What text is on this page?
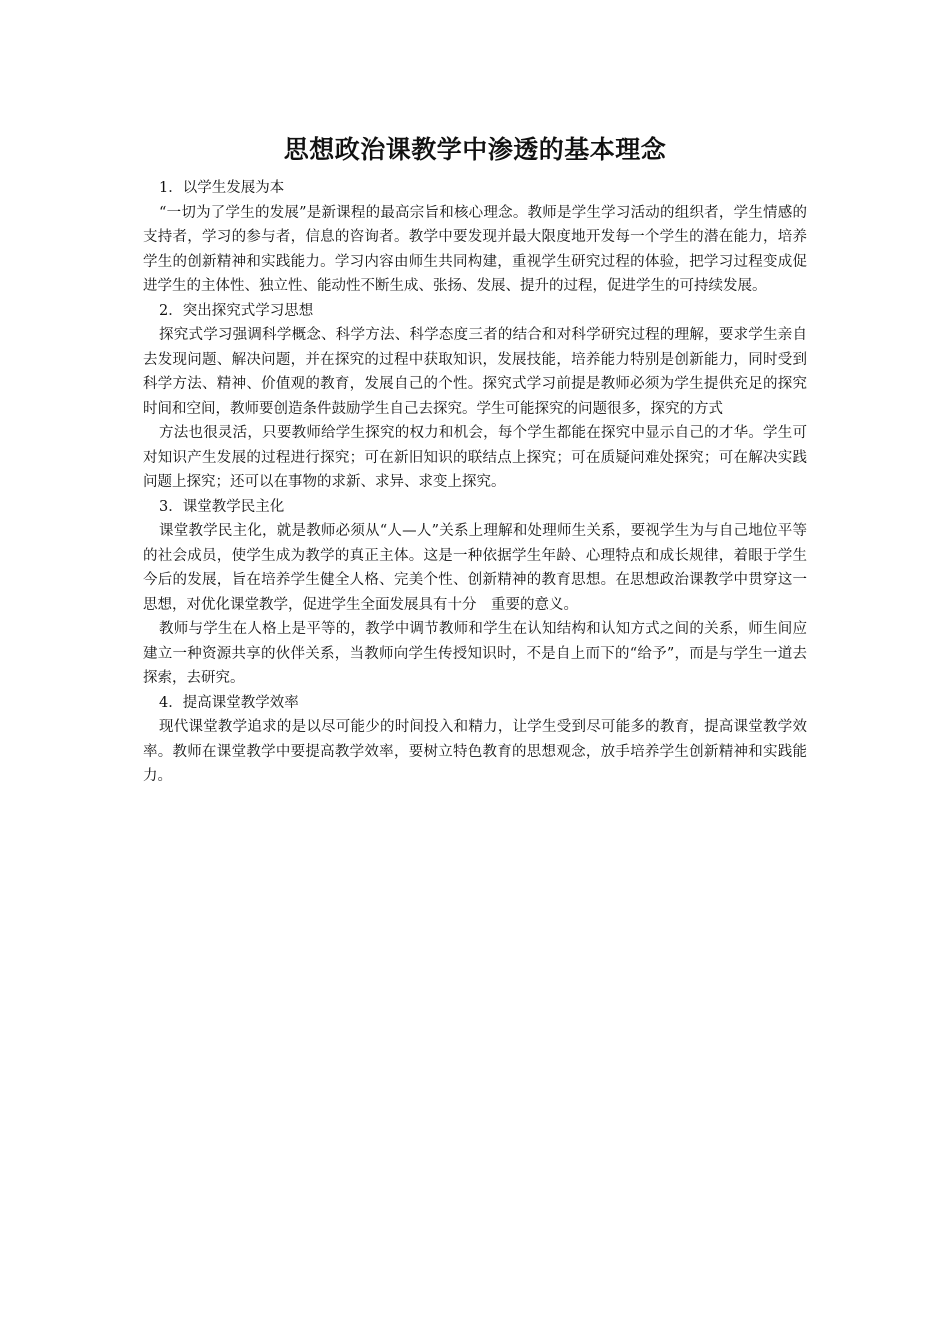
思想政治课教学中渗透的基本理念

1．以学生发展为本

“一切为了学生的发展”是新课程的最高宗旨和核心理念。教师是学生学习活动的组织者，学生情感的支持者，学习的参与者，信息的咨询者。教学中要发现并最大限度地开发每一个学生的潜在能力，培养学生的创新精神和实践能力。学习内容由师生共同构建，重视学生研究过程的体验，把学习过程变成促进学生的主体性、独立性、能动性不断生成、张扬、发展、提升的过程，促进学生的可持续发展。

2．突出探究式学习思想

探究式学习强调科学概念、科学方法、科学态度三者的结合和对科学研究过程的理解，要求学生亲自去发现问题、解决问题，并在探究的过程中获取知识，发展技能，培养能力特别是创新能力，同时受到科学方法、精神、价值观的教育，发展自己的个性。探究式学习前提是教师必须为学生提供充足的探究时间和空间，教师要创造条件鼓励学生自己去探究。学生可能探究的问题很多，探究的方式

方法也很灵活，只要教师给学生探究的权力和机会，每个学生都能在探究中显示自己的才华。学生可对知识产生发展的过程进行探究；可在新旧知识的联结点上探究；可在质疑问难处探究；可在解决实践问题上探究；还可以在事物的求新、求异、求变上探究。

3．课堂教学民主化

课堂教学民主化，就是教师必须从“人—人”关系上理解和处理师生关系，要视学生为与自己地位平等的社会成员，使学生成为教学的真正主体。这是一种依据学生年龄、心理特点和成长规律，着眼于学生今后的发展，旨在培养学生健全人格、完美个性、创新精神的教育思想。在思想政治课教学中贯穿这一思想，对优化课堂教学，促进学生全面发展具有十分　重要的意义。

教师与学生在人格上是平等的，教学中调节教师和学生在认知结构和认知方式之间的关系，师生间应建立一种资源共享的伙伴关系，当教师向学生传授知识时，不是自上而下的“给予”，而是与学生一道去探索，去研究。

4．提高课堂教学效率

现代课堂教学追求的是以尽可能少的时间投入和精力，让学生受到尽可能多的教育，提高课堂教学效率。教师在课堂教学中要提高教学效率，要树立特色教育的思想观念，放手培养学生创新精神和实践能力。
